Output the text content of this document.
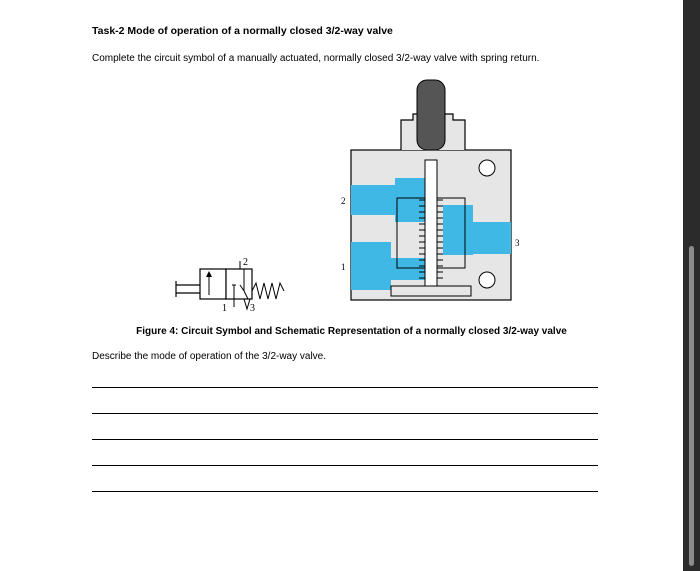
Task-2 Mode of operation of a normally closed 3/2-way valve
Complete the circuit symbol of a manually actuated, normally closed 3/2-way valve with spring return.
2
1 3
2
1
3
Figure 4: Circuit Symbol and Schematic Representation of a normally closed 3/2-way valve
Describe the mode of operation of the 3/2-way valve.
